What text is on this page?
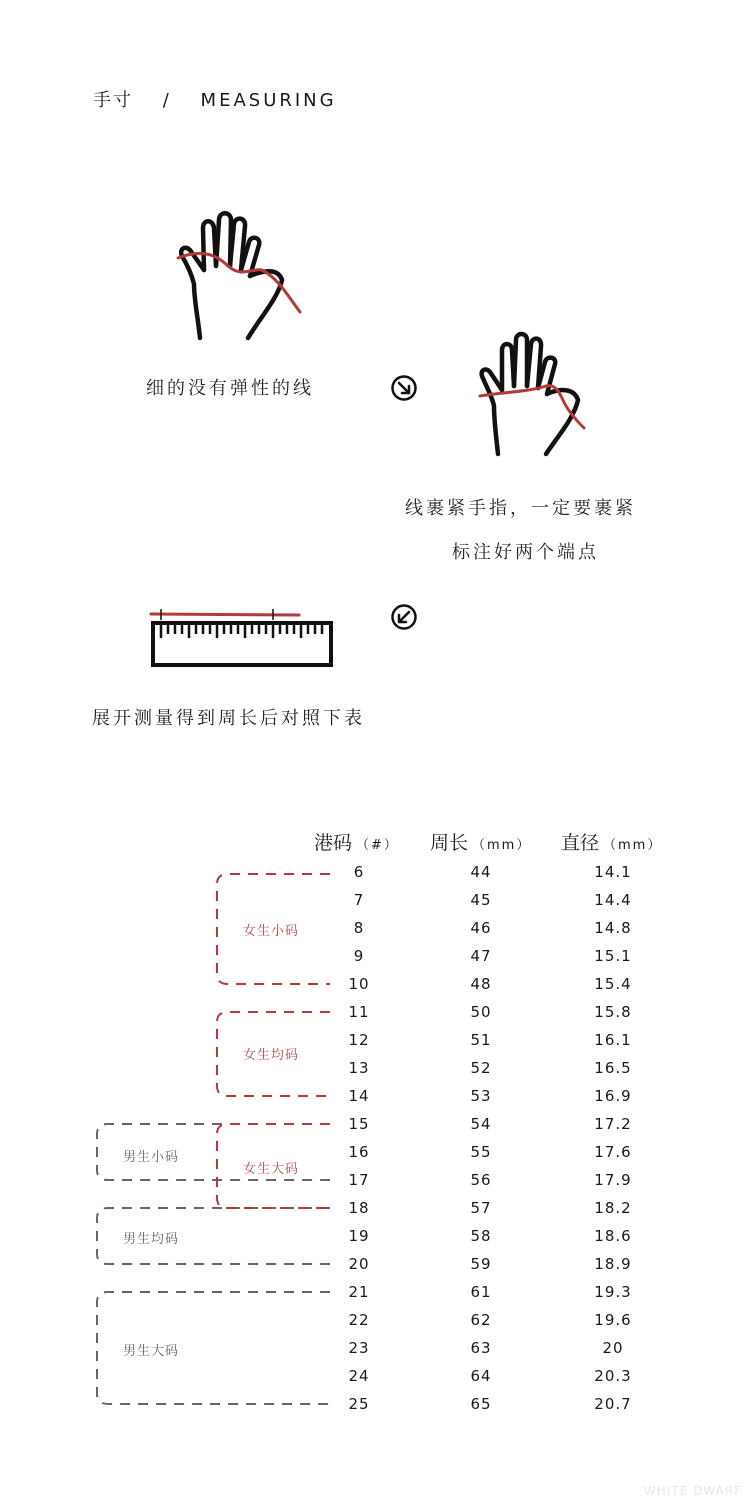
手寸 / MEASURING
细的没有弹性的线
线裹紧手指，一定要裹紧
标注好两个端点
展开测量得到周长后对照下表
港码 （#） 周长 （mm） 直径 （mm）
女生小码
女生均码
女生大码
男生小码
男生均码
男生大码
6	44	14.1
7	45	14.4
8	46	14.8
9	47	15.1
10	48	15.4
11	50	15.8
12	51	16.1
13	52	16.5
14	53	16.9
15	54	17.2
16	55	17.6
17	56	17.9
18	57	18.2
19	58	18.6
20	59	18.9
21	61	19.3
22	62	19.6
23	63	20
24	64	20.3
25	65	20.7
WHITE DWARF
